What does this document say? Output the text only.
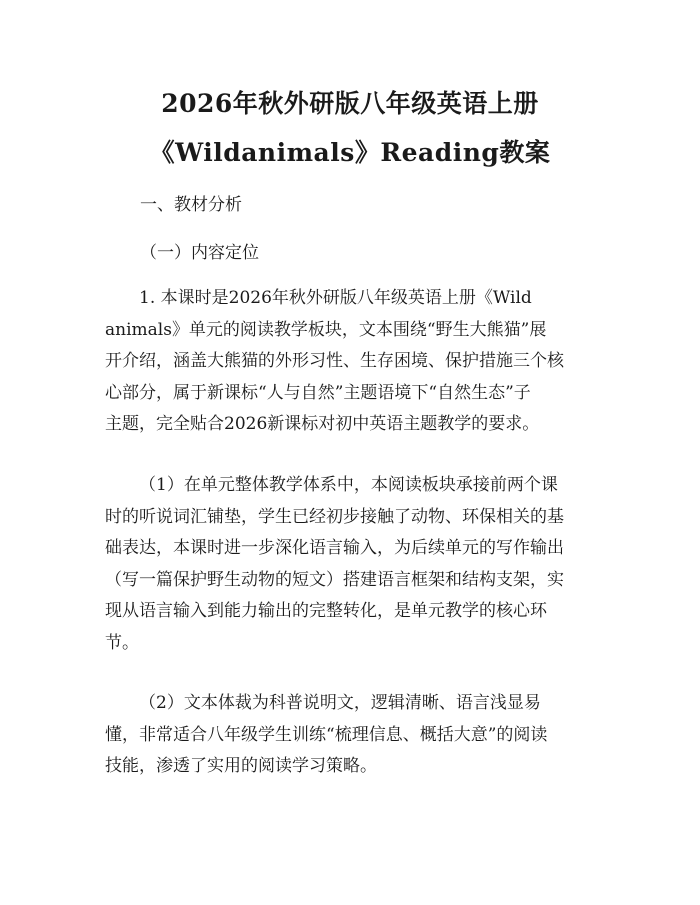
2026年秋外研版八年级英语上册
《Wildanimals》Reading教案
一、教材分析
（一）内容定位
1. 本课时是2026年秋外研版八年级英语上册《Wild
animals》单元的阅读教学板块，文本围绕“野生大熊猫”展
开介绍，涵盖大熊猫的外形习性、生存困境、保护措施三个核
心部分，属于新课标“人与自然”主题语境下“自然生态”子
主题，完全贴合2026新课标对初中英语主题教学的要求。
（1）在单元整体教学体系中，本阅读板块承接前两个课
时的听说词汇铺垫，学生已经初步接触了动物、环保相关的基
础表达，本课时进一步深化语言输入，为后续单元的写作输出
（写一篇保护野生动物的短文）搭建语言框架和结构支架，实
现从语言输入到能力输出的完整转化，是单元教学的核心环
节。
（2）文本体裁为科普说明文，逻辑清晰、语言浅显易
懂，非常适合八年级学生训练“梳理信息、概括大意”的阅读
技能，渗透了实用的阅读学习策略。
